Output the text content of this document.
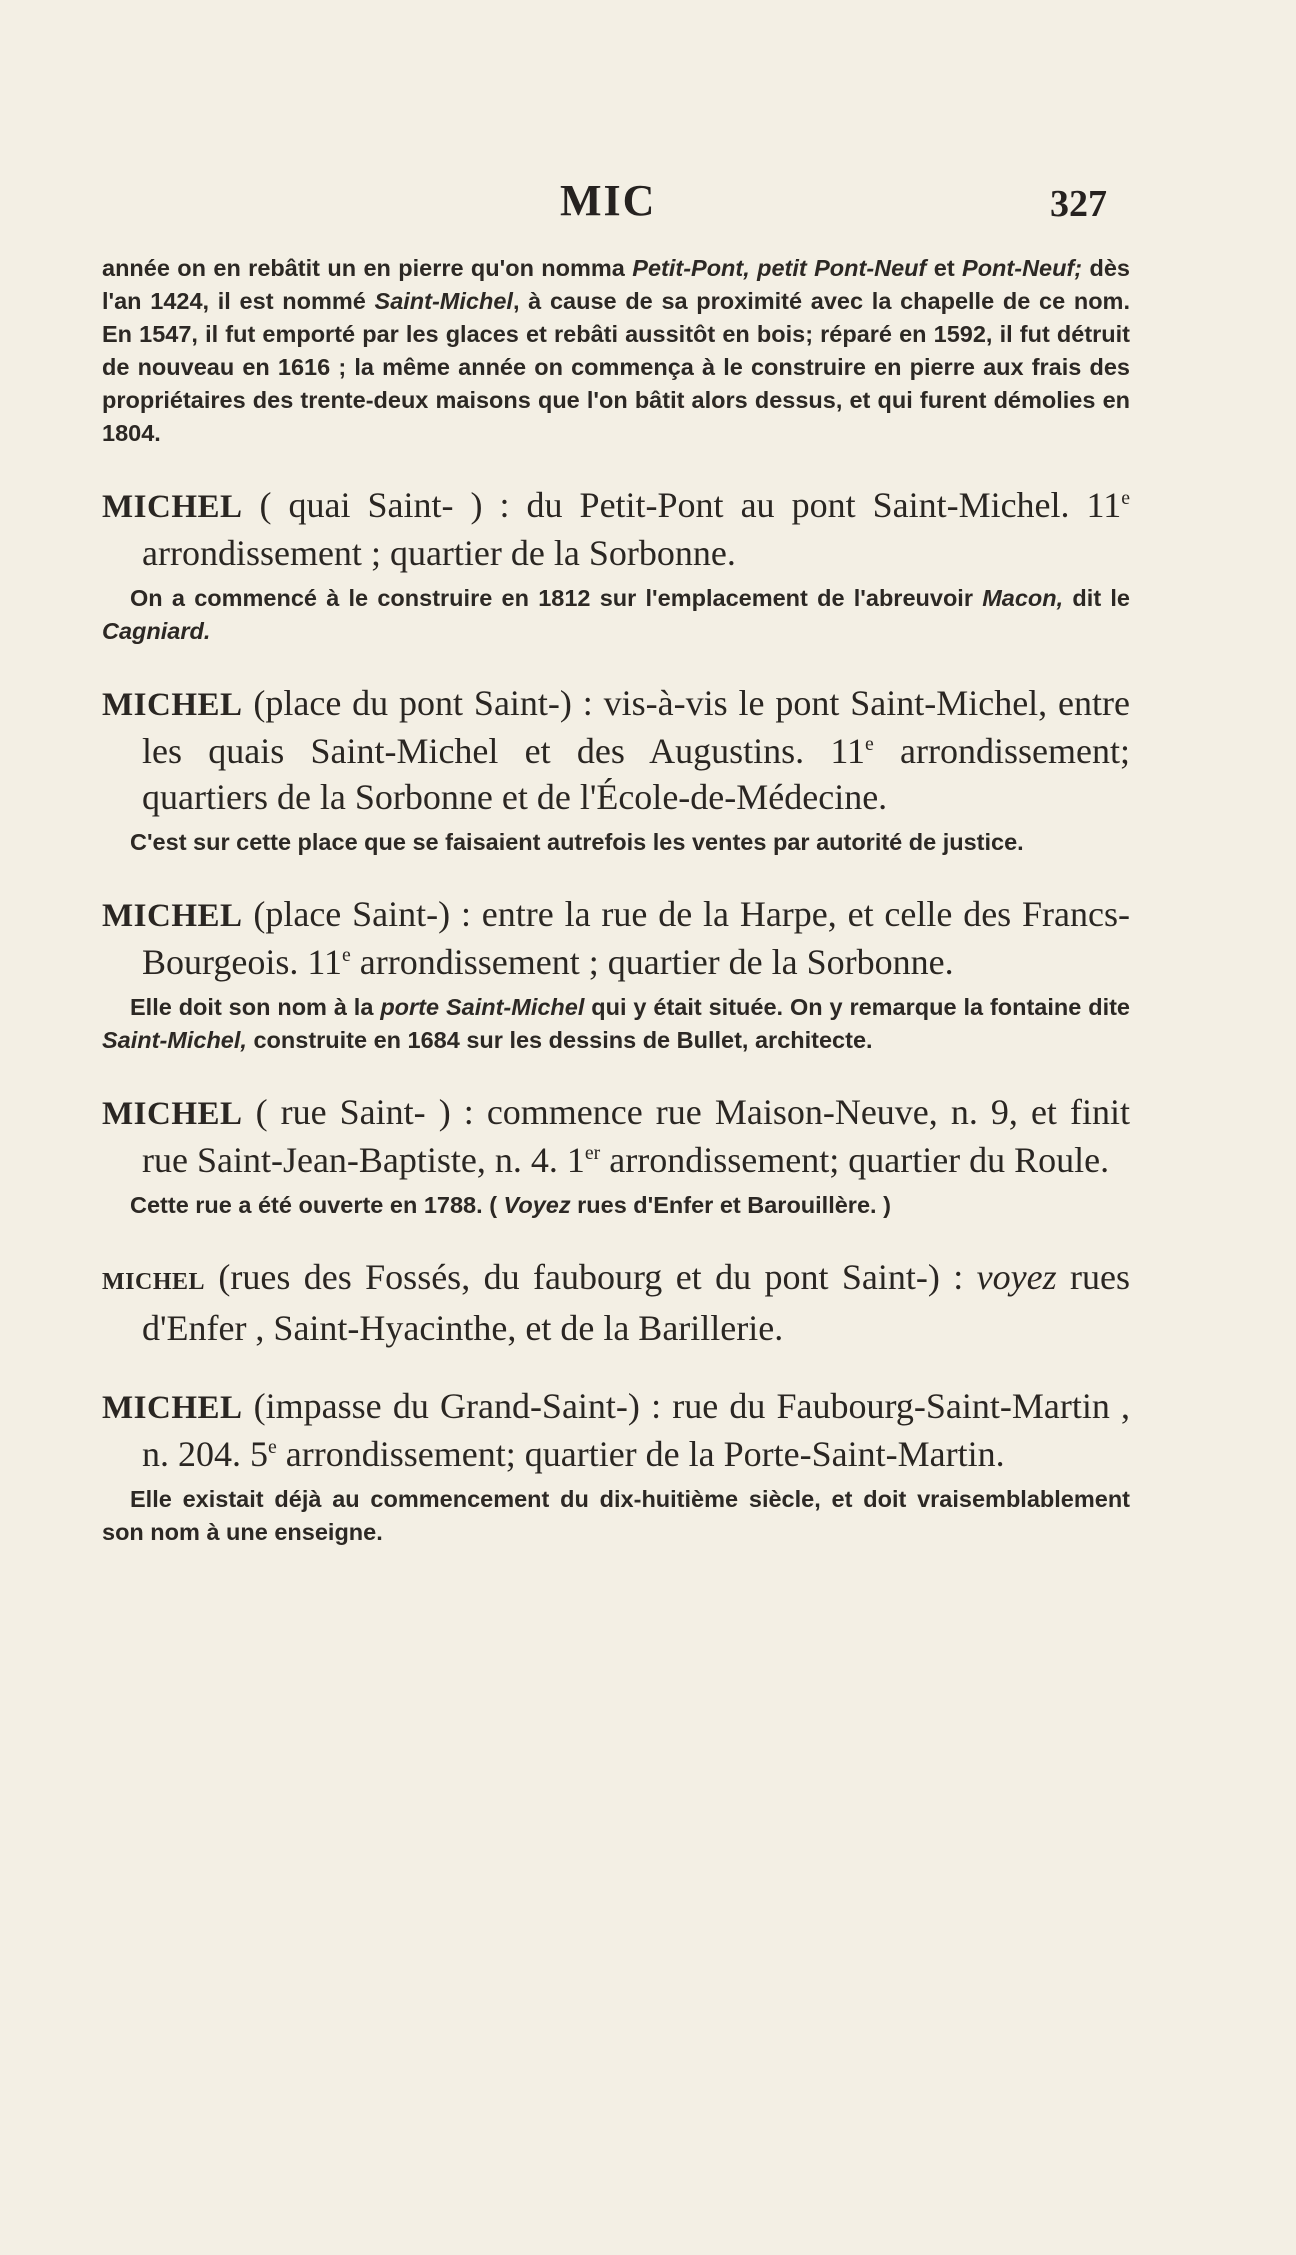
MIC	327

année on en rebâtit un en pierre qu'on nomma Petit-Pont, petit Pont-Neuf et Pont-Neuf; dès l'an 1424, il est nommé Saint-Michel, à cause de sa proximité avec la chapelle de ce nom. En 1547, il fut emporté par les glaces et rebâti aussitôt en bois; réparé en 1592, il fut détruit de nouveau en 1616 ; la même année on commença à le construire en pierre aux frais des propriétaires des trente-deux maisons que l'on bâtit alors dessus, et qui furent démolies en 1804.

MICHEL ( quai Saint- ) : du Petit-Pont au pont Saint-Michel. 11e arrondissement ; quartier de la Sorbonne.

On a commencé à le construire en 1812 sur l'emplacement de l'abreuvoir Macon, dit le Cagniard.

MICHEL (place du pont Saint-) : vis-à-vis le pont Saint-Michel, entre les quais Saint-Michel et des Augustins. 11e arrondissement; quartiers de la Sorbonne et de l'École-de-Médecine.

C'est sur cette place que se faisaient autrefois les ventes par autorité de justice.

MICHEL (place Saint-) : entre la rue de la Harpe, et celle des Francs-Bourgeois. 11e arrondissement ; quartier de la Sorbonne.

Elle doit son nom à la porte Saint-Michel qui y était située. On y remarque la fontaine dite Saint-Michel, construite en 1684 sur les dessins de Bullet, architecte.

MICHEL ( rue Saint- ) : commence rue Maison-Neuve, n. 9, et finit rue Saint-Jean-Baptiste, n. 4. 1er arrondissement; quartier du Roule.

Cette rue a été ouverte en 1788. ( Voyez rues d'Enfer et Barouillère. )

MICHEL (rues des Fossés, du faubourg et du pont Saint-) : voyez rues d'Enfer , Saint-Hyacinthe, et de la Barillerie.

MICHEL (impasse du Grand-Saint-) : rue du Faubourg-Saint-Martin , n. 204. 5e arrondissement; quartier de la Porte-Saint-Martin.

Elle existait déjà au commencement du dix-huitième siècle, et doit vraisemblablement son nom à une enseigne.
